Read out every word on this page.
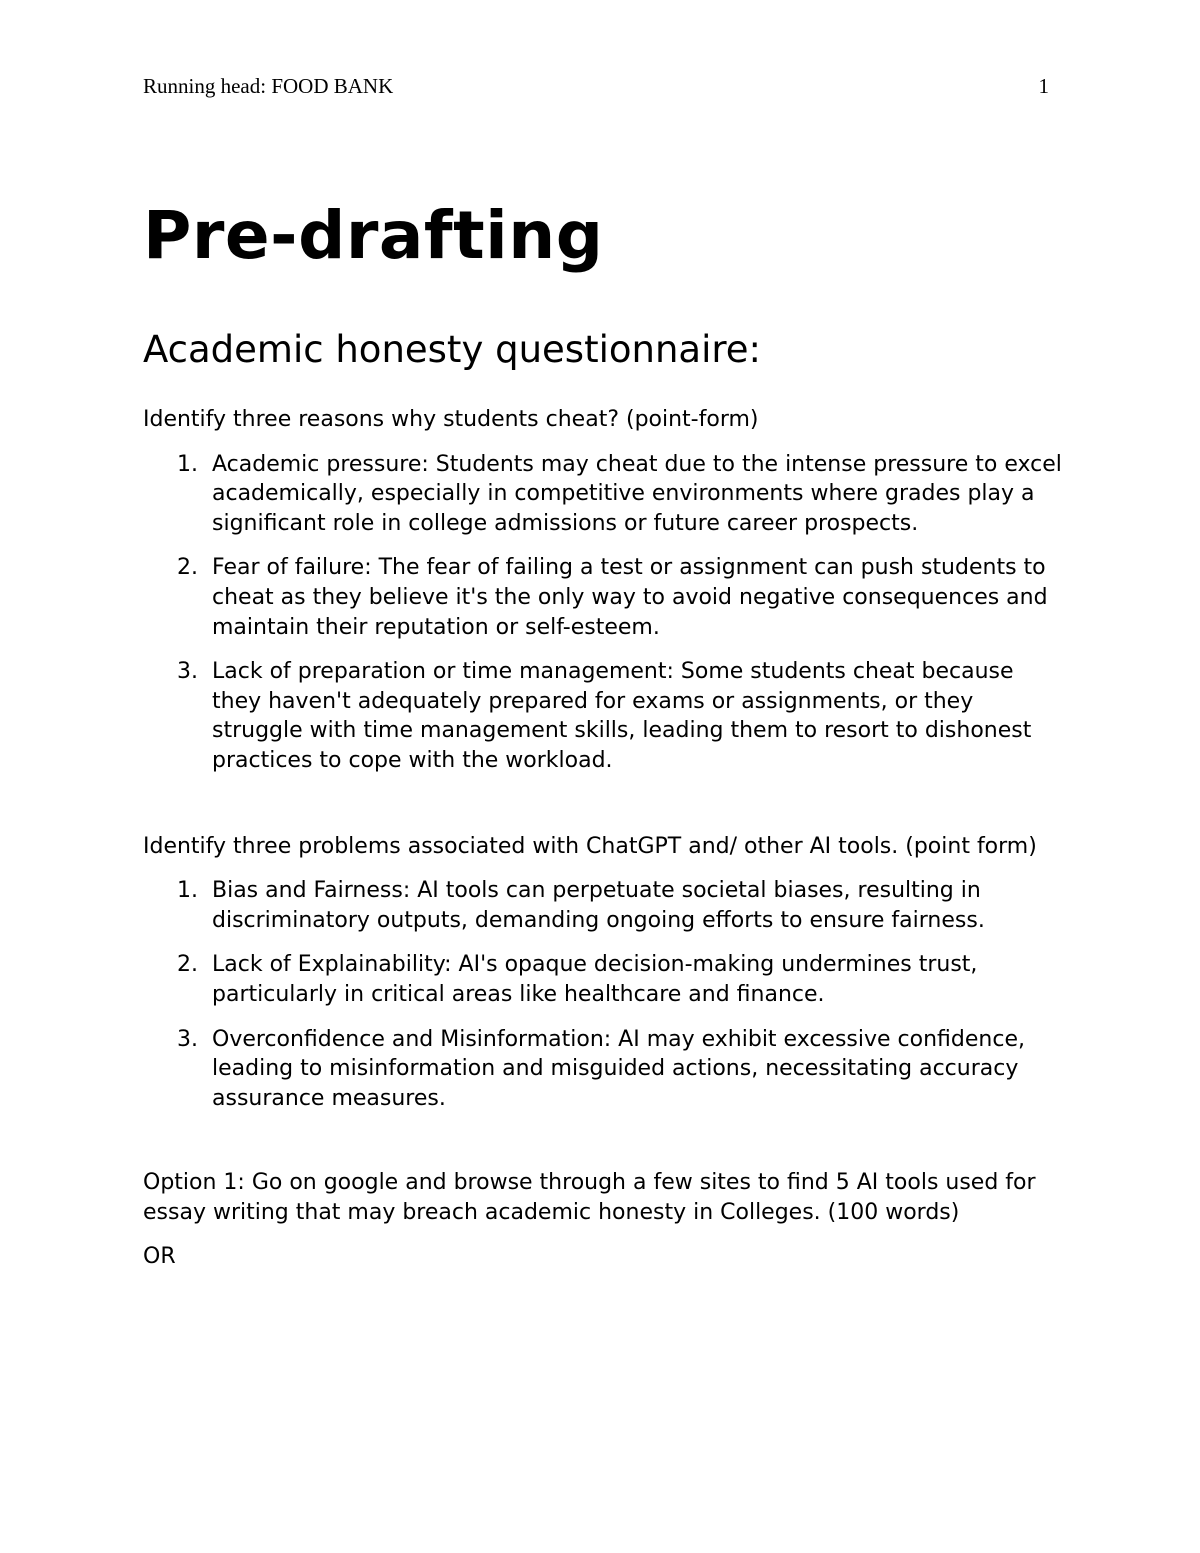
Running head: FOOD BANK	1
Pre-drafting
Academic honesty questionnaire:

Identify three reasons why students cheat? (point-form)

1. Academic pressure: Students may cheat due to the intense pressure to excel academically, especially in competitive environments where grades play a significant role in college admissions or future career prospects.
2. Fear of failure: The fear of failing a test or assignment can push students to cheat as they believe it's the only way to avoid negative consequences and maintain their reputation or self-esteem.
3. Lack of preparation or time management: Some students cheat because they haven't adequately prepared for exams or assignments, or they struggle with time management skills, leading them to resort to dishonest practices to cope with the workload.

Identify three problems associated with ChatGPT and/ other AI tools. (point form)

1. Bias and Fairness: AI tools can perpetuate societal biases, resulting in discriminatory outputs, demanding ongoing efforts to ensure fairness.
2. Lack of Explainability: AI's opaque decision-making undermines trust, particularly in critical areas like healthcare and finance.
3. Overconfidence and Misinformation: AI may exhibit excessive confidence, leading to misinformation and misguided actions, necessitating accuracy assurance measures.

Option 1: Go on google and browse through a few sites to find 5 AI tools used for essay writing that may breach academic honesty in Colleges. (100 words)

OR
